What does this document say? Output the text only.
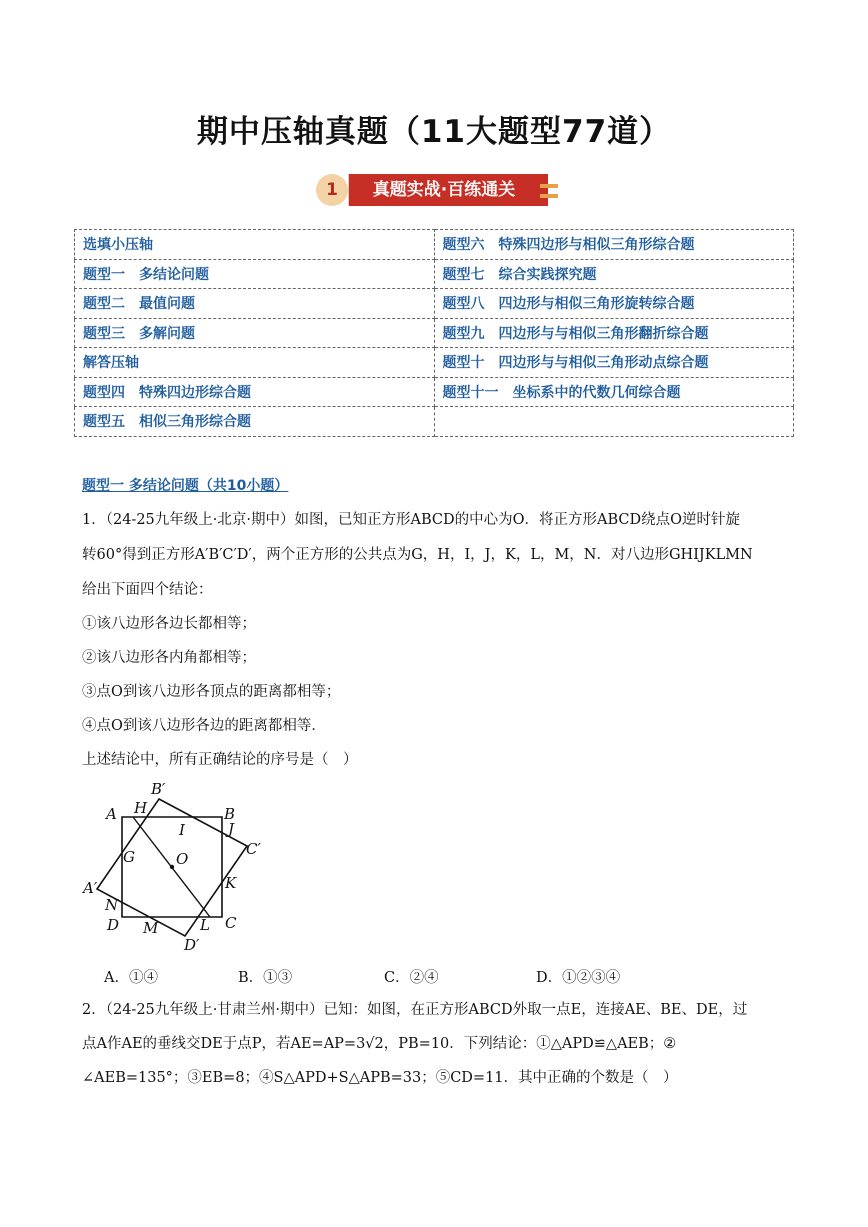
期中压轴真题（11大题型77道）
1	真题实战·百练通关
选填小压轴	题型六　特殊四边形与相似三角形综合题
题型一　多结论问题	题型七　综合实践探究题
题型二　最值问题	题型八　四边形与相似三角形旋转综合题
题型三　多解问题	题型九　四边形与与相似三角形翻折综合题
解答压轴	题型十　四边形与与相似三角形动点综合题
题型四　特殊四边形综合题	题型十一　坐标系中的代数几何综合题
题型五　相似三角形综合题	
题型一 多结论问题（共10小题）
1．（24-25九年级上·北京·期中）如图，已知正方形ABCD的中心为O．将正方形ABCD绕点O逆时针旋
转60°得到正方形A′B′C′D′，两个正方形的公共点为G，H，I，J，K，L，M，N．对八边形GHIJKLMN
给出下面四个结论：
①该八边形各边长都相等；
②该八边形各内角都相等；
③点O到该八边形各顶点的距离都相等；
④点O到该八边形各边的距离都相等．
上述结论中，所有正确结论的序号是（　）
A	B
C
D
A′
B′
C′
D′
G
H
I	J
K
L
M
N
O
A．①④	B．①③	C．②④	D．①②③④
2．（24-25九年级上·甘肃兰州·期中）已知：如图，在正方形ABCD外取一点E，连接AE、BE、DE，过
点A作AE的垂线交DE于点P，若AE=AP=3√2，PB=10．下列结论：①△APD≌△AEB；②
∠AEB=135°；③EB=8；④S△APD+S△APB=33；⑤CD=11．其中正确的个数是（　）
